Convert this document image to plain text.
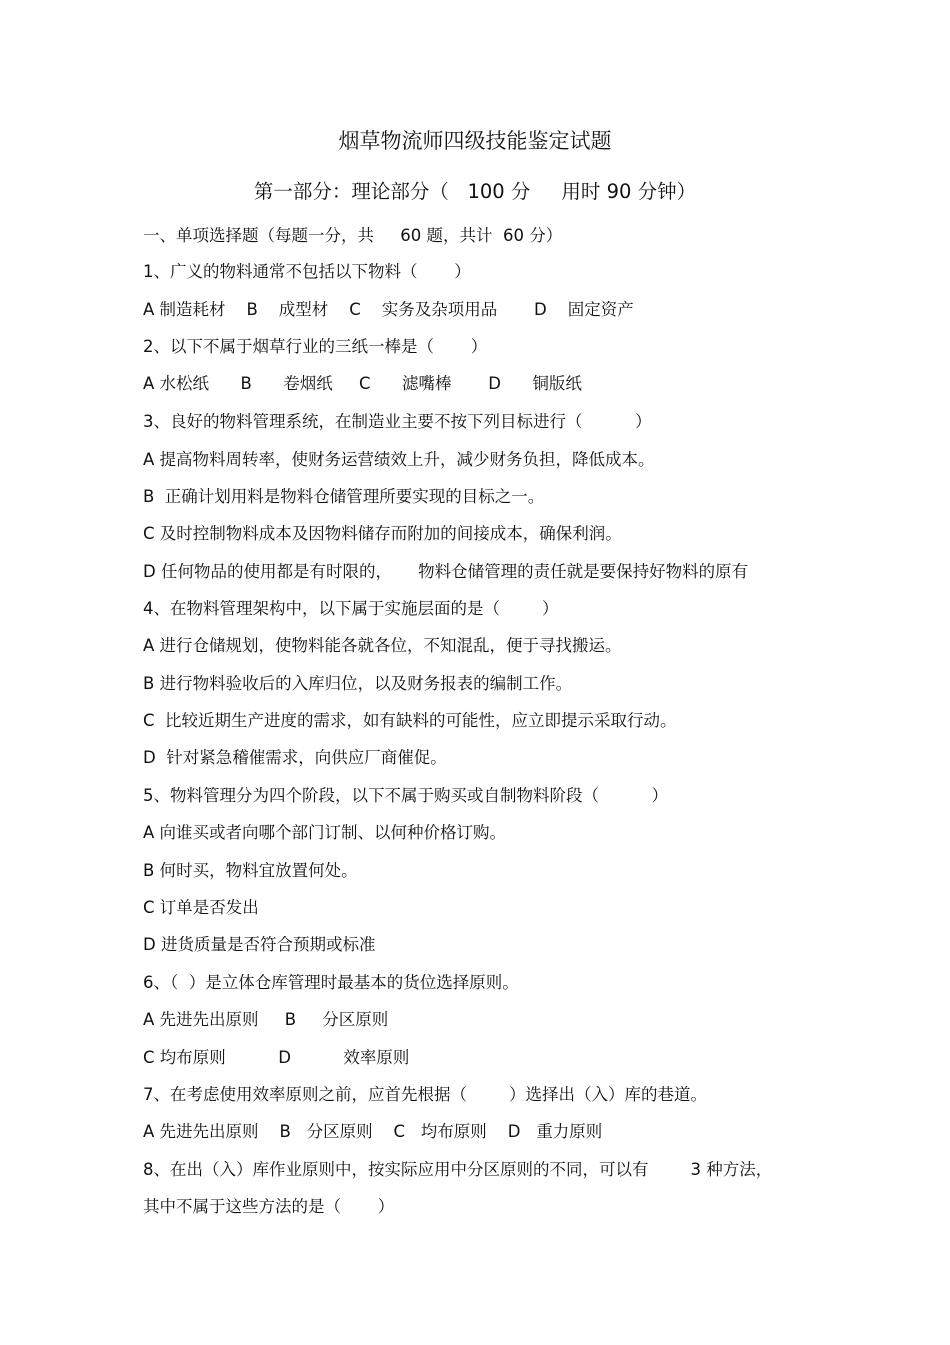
烟草物流师四级技能鉴定试题
第一部分：理论部分（   100 分     用时 90 分钟）
一、单项选择题（每题一分，共     60 题，共计  60 分）
1、广义的物料通常不包括以下物料（       ）
A 制造耗材    B    成型材    C    实务及杂项用品       D    固定资产
2、以下不属于烟草行业的三纸一棒是（       ）
A 水松纸      B      卷烟纸     C      滤嘴棒       D      铜版纸
3、良好的物料管理系统，在制造业主要不按下列目标进行（          ）
A 提高物料周转率，使财务运营绩效上升，减少财务负担，降低成本。
B  正确计划用料是物料仓储管理所要实现的目标之一。
C 及时控制物料成本及因物料储存而附加的间接成本，确保利润。
D 任何物品的使用都是有时限的，     物料仓储管理的责任就是要保持好物料的原有
4、在物料管理架构中，以下属于实施层面的是（        ）
A 进行仓储规划，使物料能各就各位，不知混乱，便于寻找搬运。
B 进行物料验收后的入库归位，以及财务报表的编制工作。
C  比较近期生产进度的需求，如有缺料的可能性，应立即提示采取行动。
D  针对紧急稽催需求，向供应厂商催促。
5、物料管理分为四个阶段，以下不属于购买或自制物料阶段（          ）
A 向谁买或者向哪个部门订制、以何种价格订购。
B 何时买，物料宜放置何处。
C 订单是否发出
D 进货质量是否符合预期或标准
6、（  ）是立体仓库管理时最基本的货位选择原则。
A 先进先出原则     B     分区原则
C 均布原则          D          效率原则
7、在考虑使用效率原则之前，应首先根据（        ）选择出（入）库的巷道。
A 先进先出原则    B   分区原则    C   均布原则    D   重力原则
8、在出（入）库作业原则中，按实际应用中分区原则的不同，可以有        3 种方法，
其中不属于这些方法的是（       ）
